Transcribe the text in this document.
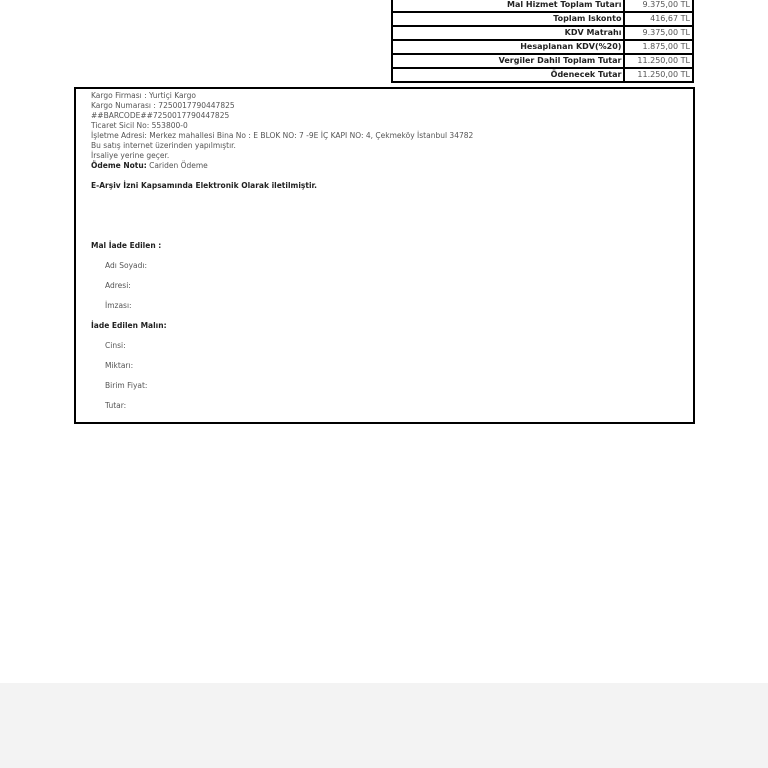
Mal Hizmet Toplam Tutarı	9.375,00 TL
Toplam Iskonto	416,67 TL
KDV Matrahı	9.375,00 TL
Hesaplanan KDV(%20)	1.875,00 TL
Vergiler Dahil Toplam Tutar	11.250,00 TL
Ödenecek Tutar	11.250,00 TL
Kargo Firması : Yurtiçi Kargo
Kargo Numarası : 7250017790447825
##BARCODE##7250017790447825
Ticaret Sicil No: 553800-0
İşletme Adresi: Merkez mahallesi Bina No : E BLOK NO: 7 -9E İÇ KAPI NO: 4, Çekmeköy İstanbul 34782
Bu satış internet üzerinden yapılmıştır.
İrsaliye yerine geçer.
Ödeme Notu: Cariden Ödeme
E-Arşiv İzni Kapsamında Elektronik Olarak iletilmiştir.
Mal İade Edilen :
Adı Soyadı:
Adresi:
İmzası:
İade Edilen Malın:
Cinsi:
Miktarı:
Birim Fiyat:
Tutar:
